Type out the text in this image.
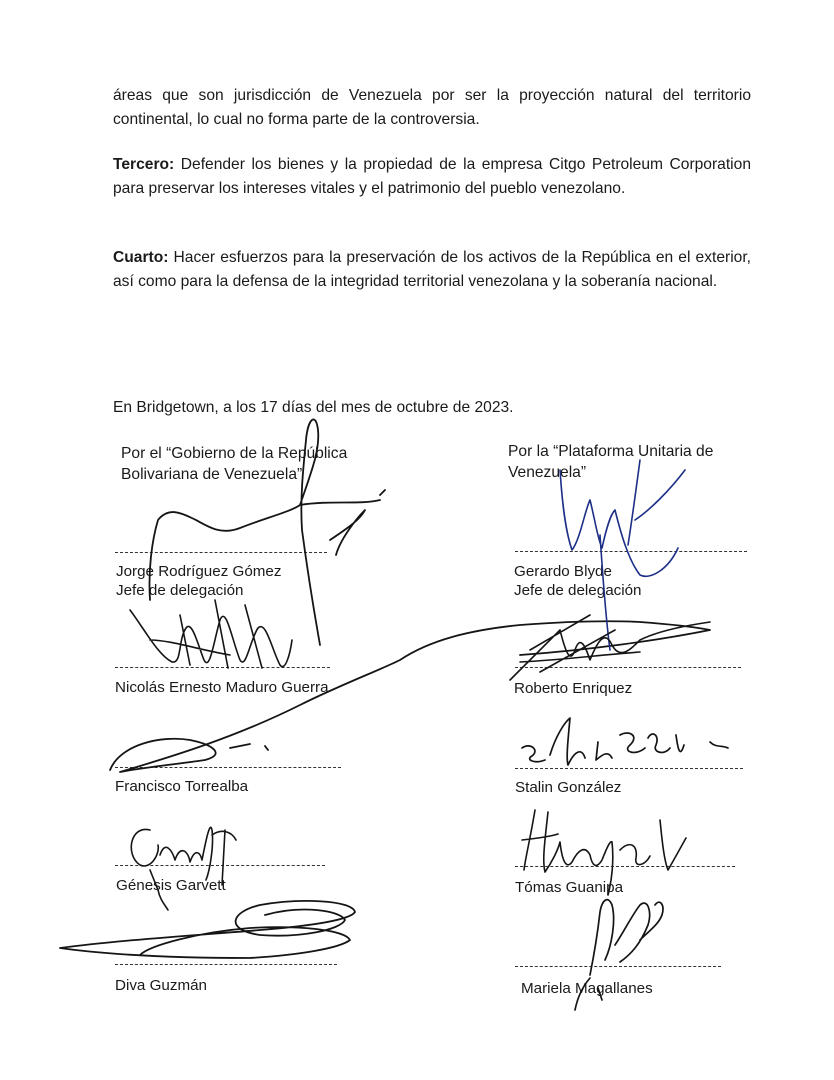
áreas que son jurisdicción de Venezuela por ser la proyección natural del territorio continental, lo cual no forma parte de la controversia.

Tercero: Defender los bienes y la propiedad de la empresa Citgo Petroleum Corporation para preservar los intereses vitales y el patrimonio del pueblo venezolano.

Cuarto: Hacer esfuerzos para la preservación de los activos de la República en el exterior, así como para la defensa de la integridad territorial venezolana y la soberanía nacional.

En Bridgetown, a los 17 días del mes de octubre de 2023.
Por el “Gobierno de la República Bolivariana de Venezuela”
Por la “Plataforma Unitaria de Venezuela”
Jorge Rodríguez Gómez
Jefe de delegación
Nicolás Ernesto Maduro Guerra
Francisco Torrealba
Génesis Garvett
Diva Guzmán
Gerardo Blyde
Jefe de delegación
Roberto Enriquez
Stalin González
Tómas Guanipa
Mariela Magallanes
